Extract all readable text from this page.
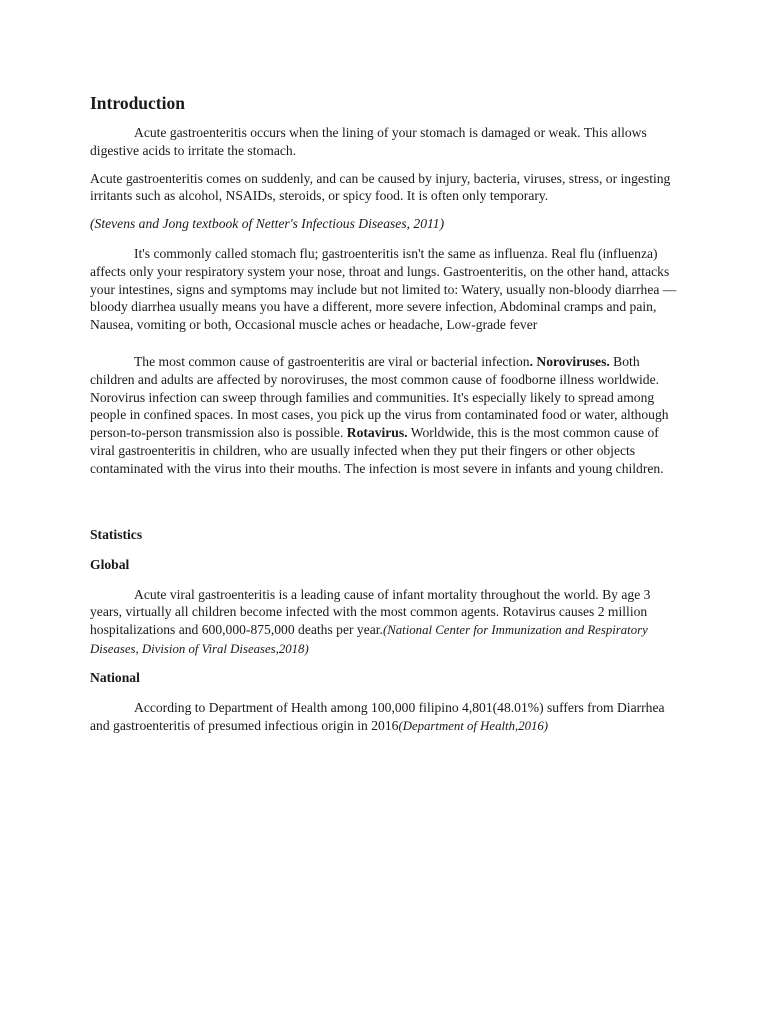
Introduction

Acute gastroenteritis occurs when the lining of your stomach is damaged or weak. This allows digestive acids to irritate the stomach.

Acute gastroenteritis comes on suddenly, and can be caused by injury, bacteria, viruses, stress, or ingesting irritants such as alcohol, NSAIDs, steroids, or spicy food. It is often only temporary.

(Stevens and Jong textbook of Netter's Infectious Diseases, 2011)

It's commonly called stomach flu; gastroenteritis isn't the same as influenza. Real flu (influenza) affects only your respiratory system your nose, throat and lungs. Gastroenteritis, on the other hand, attacks your intestines, signs and symptoms may include but not limited to: Watery, usually non-bloody diarrhea — bloody diarrhea usually means you have a different, more severe infection, Abdominal cramps and pain, Nausea, vomiting or both, Occasional muscle aches or headache, Low-grade fever

The most common cause of gastroenteritis are viral or bacterial infection. Noroviruses. Both children and adults are affected by noroviruses, the most common cause of foodborne illness worldwide. Norovirus infection can sweep through families and communities. It's especially likely to spread among people in confined spaces. In most cases, you pick up the virus from contaminated food or water, although person-to-person transmission also is possible. Rotavirus. Worldwide, this is the most common cause of viral gastroenteritis in children, who are usually infected when they put their fingers or other objects contaminated with the virus into their mouths. The infection is most severe in infants and young children.

Statistics
Global

Acute viral gastroenteritis is a leading cause of infant mortality throughout the world. By age 3 years, virtually all children become infected with the most common agents. Rotavirus causes 2 million hospitalizations and 600,000-875,000 deaths per year.(National Center for Immunization and Respiratory Diseases, Division of Viral Diseases,2018)

National

According to Department of Health among 100,000 filipino 4,801(48.01%) suffers from Diarrhea and gastroenteritis of presumed infectious origin in 2016(Department of Health,2016)
